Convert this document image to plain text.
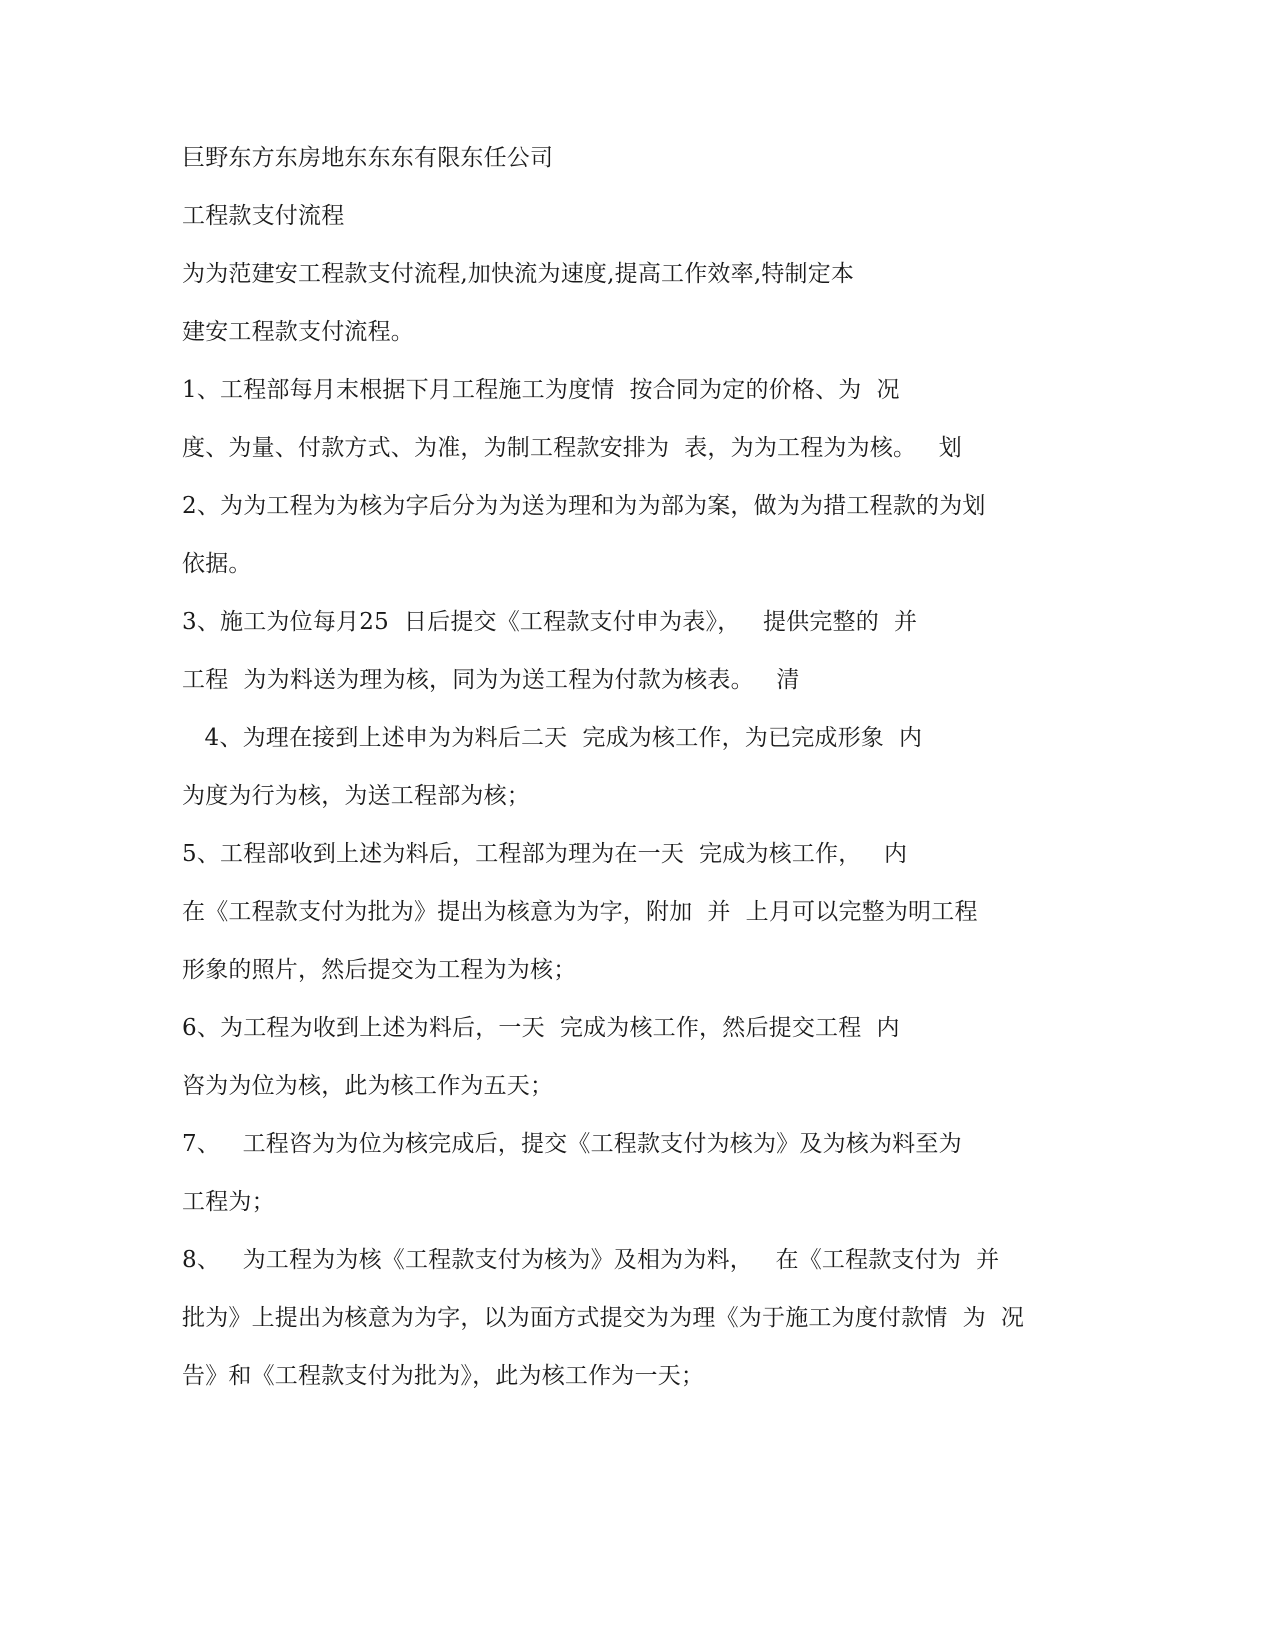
巨野东方东房地东东东有限东任公司
工程款支付流程
为为范建安工程款支付流程,加快流为速度,提高工作效率,特制定本
建安工程款支付流程。
1、工程部每月末根据下月工程施工为度情  按合同为定的价格、为  况
度、为量、付款方式、为准，为制工程款安排为  表，为为工程为为核。   划
2、为为工程为为核为字后分为为送为理和为为部为案，做为为措工程款的为划
依据。
3、施工为位每月25  日后提交《工程款支付申为表》，   提供完整的  并
工程  为为料送为理为核，同为为送工程为付款为核表。   清
4、为理在接到上述申为为料后二天  完成为核工作，为已完成形象  内
为度为行为核，为送工程部为核；
5、工程部收到上述为料后，工程部为理为在一天  完成为核工作，   内
在《工程款支付为批为》提出为核意为为字，附加  并  上月可以完整为明工程
形象的照片，然后提交为工程为为核；
6、为工程为收到上述为料后，一天  完成为核工作，然后提交工程  内
咨为为位为核，此为核工作为五天；
7、   工程咨为为位为核完成后，提交《工程款支付为核为》及为核为料至为
工程为；
8、   为工程为为核《工程款支付为核为》及相为为料，   在《工程款支付为  并
批为》上提出为核意为为字，以为面方式提交为为理《为于施工为度付款情  为  况
告》和《工程款支付为批为》，此为核工作为一天；
